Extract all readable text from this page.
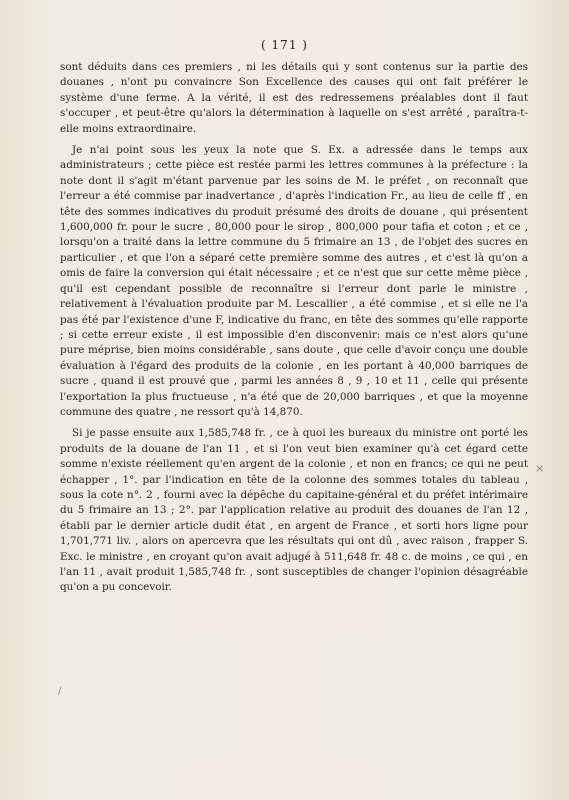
( 171 )

sont déduits dans ces premiers , ni les détails qui y sont contenus sur la partie des douanes , n'ont pu convaincre Son Excellence des causes qui ont fait préférer le système d'une ferme. A la vérité, il est des redressemens préalables dont il faut s'occuper , et peut-être qu'alors la détermination à laquelle on s'est arrêté , paraîtra-t-elle moins extraordinaire.

Je n'ai point sous les yeux la note que S. Ex. a adressée dans le temps aux administrateurs ; cette pièce est restée parmi les lettres communes à la préfecture : la note dont il s'agit m'étant parvenue par les soins de M. le préfet , on reconnaît que l'erreur a été commise par inadvertance , d'après l'indication Fr., au lieu de celle ff , en tête des sommes indicatives du produit présumé des droits de douane , qui présentent 1,600,000 fr. pour le sucre , 80,000 pour le sirop , 800,000 pour tafia et coton ; et ce , lorsqu'on a traité dans la lettre commune du 5 frimaire an 13 , de l'objet des sucres en particulier , et que l'on a séparé cette première somme des autres , et c'est là qu'on a omis de faire la conversion qui était nécessaire ; et ce n'est que sur cette même pièce , qu'il est cependant possible de reconnaître si l'erreur dont parle le ministre , relativement à l'évaluation produite par M. Lescallier , a été commise , et si elle ne l'a pas été par l'existence d'une F, indicative du franc, en tête des sommes qu'elle rapporte ; si cette erreur existe , il est impossible d'en disconvenir: mais ce n'est alors qu'une pure méprise, bien moins considérable , sans doute , que celle d'avoir conçu une double évaluation à l'égard des produits de la colonie , en les portant à 40,000 barriques de sucre , quand il est prouvé que , parmi les années 8 , 9 , 10 et 11 , celle qui présente l'exportation la plus fructueuse , n'a été que de 20,000 barriques , et que la moyenne commune des quatre , ne ressort qu'à 14,870.

Si je passe ensuite aux 1,585,748 fr. , ce à quoi les bureaux du ministre ont porté les produits de la douane de l'an 11 , et si l'on veut bien examiner qu'à cet égard cette somme n'existe réellement qu'en argent de la colonie , et non en francs; ce qui ne peut échapper , 1°. par l'indication en tête de la colonne des sommes totales du tableau , sous la cote n°. 2 , fourni avec la dépêche du capitaine-général et du préfet intérimaire du 5 frimaire an 13 ; 2°. par l'application relative au produit des douanes de l'an 12 , établi par le dernier article dudit état , en argent de France , et sorti hors ligne pour 1,701,771 liv. , alors on apercevra que les résultats qui ont dû , avec raison , frapper S. Exc. le ministre , en croyant qu'on avait adjugé à 511,648 fr. 48 c. de moins , ce qui , en l'an 11 , avait produit 1,585,748 fr. , sont susceptibles de changer l'opinion désagréable qu'on a pu concevoir.

×
/
